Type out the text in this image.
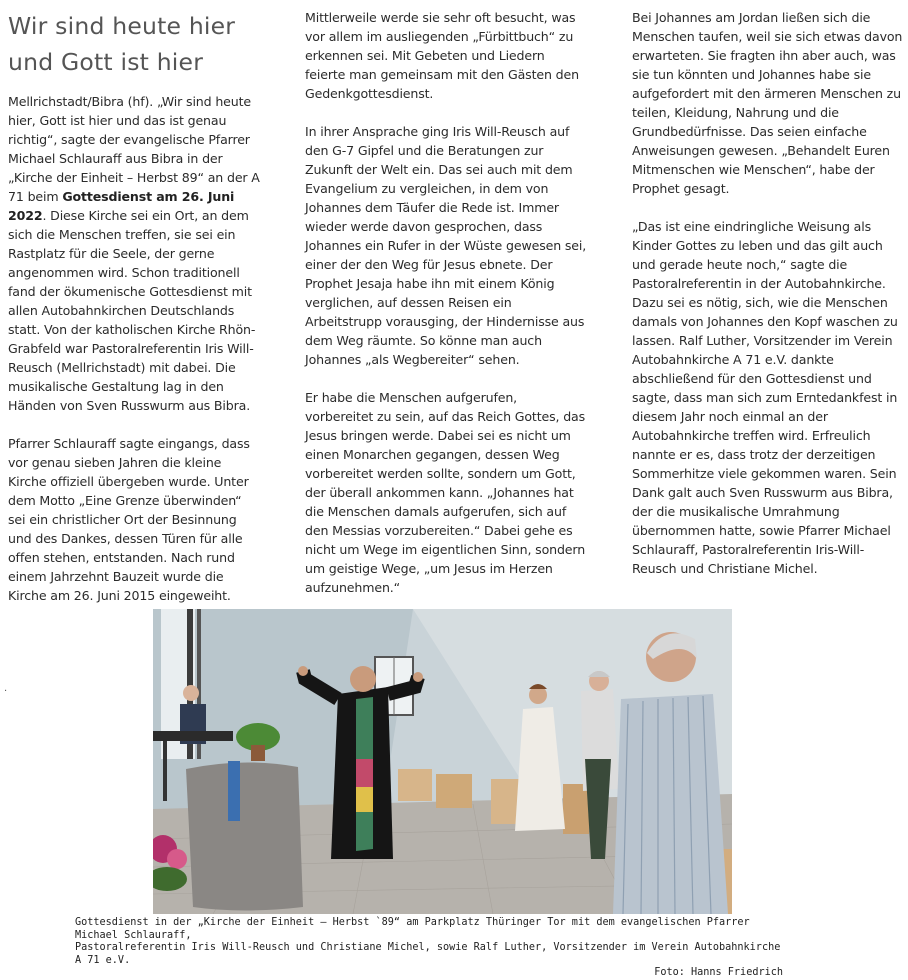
Wir sind heute hier
und Gott ist hier

Mellrichstadt/Bibra (hf). „Wir sind heute hier, Gott ist hier und das ist genau richtig“, sagte der evangelische Pfarrer Michael Schlauraff aus Bibra in der „Kirche der Einheit – Herbst 89“ an der A 71 beim Gottesdienst am 26. Juni 2022. Diese Kirche sei ein Ort, an dem sich die Menschen treffen, sie sei ein Rastplatz für die Seele, der gerne angenommen wird. Schon traditionell fand der ökumenische Gottesdienst mit allen Autobahnkirchen Deutschlands statt. Von der katholischen Kirche Rhön-Grabfeld war Pastoralreferentin Iris Will-Reusch (Mellrichstadt) mit dabei. Die musikalische Gestaltung lag in den Händen von Sven Russwurm aus Bibra.

Pfarrer Schlauraff sagte eingangs, dass vor genau sieben Jahren die kleine Kirche offiziell übergeben wurde. Unter dem Motto „Eine Grenze überwinden“ sei ein christlicher Ort der Besinnung und des Dankes, dessen Türen für alle offen stehen, entstanden. Nach rund einem Jahrzehnt Bauzeit wurde die Kirche am 26. Juni 2015 eingeweiht.

Mittlerweile werde sie sehr oft besucht, was vor allem im ausliegenden „Fürbittbuch“ zu erkennen sei. Mit Gebeten und Liedern feierte man gemeinsam mit den Gästen den Gedenkgottesdienst.

In ihrer Ansprache ging Iris Will-Reusch auf den G-7 Gipfel und die Beratungen zur Zukunft der Welt ein. Das sei auch mit dem Evangelium zu vergleichen, in dem von Johannes dem Täufer die Rede ist. Immer wieder werde davon gesprochen, dass Johannes ein Rufer in der Wüste gewesen sei, einer der den Weg für Jesus ebnete. Der Prophet Jesaja habe ihn mit einem König verglichen, auf dessen Reisen ein Arbeitstrupp vorausging, der Hindernisse aus dem Weg räumte. So könne man auch Johannes „als Wegbereiter“ sehen.

Er habe die Menschen aufgerufen, vorbereitet zu sein, auf das Reich Gottes, das Jesus bringen werde. Dabei sei es nicht um einen Monarchen gegangen, dessen Weg vorbereitet werden sollte, sondern um Gott, der überall ankommen kann. „Johannes hat die Menschen damals aufgerufen, sich auf den Messias vorzubereiten.“ Dabei gehe es nicht um Wege im eigentlichen Sinn, sondern um geistige Wege, „um Jesus im Herzen aufzunehmen.“

Bei Johannes am Jordan ließen sich die Menschen taufen, weil sie sich etwas davon erwarteten. Sie fragten ihn aber auch, was sie tun könnten und Johannes habe sie aufgefordert mit den ärmeren Menschen zu teilen, Kleidung, Nahrung und die Grundbedürfnisse. Das seien einfache Anweisungen gewesen. „Behandelt Euren Mitmenschen wie Menschen“, habe der Prophet gesagt.

„Das ist eine eindringliche Weisung als Kinder Gottes zu leben und das gilt auch und gerade heute noch,“ sagte die Pastoralreferentin in der Autobahnkirche. Dazu sei es nötig, sich, wie die Menschen damals von Johannes den Kopf waschen zu lassen. Ralf Luther, Vorsitzender im Verein Autobahnkirche A 71 e.V. dankte abschließend für den Gottesdienst und sagte, dass man sich zum Erntedankfest in diesem Jahr noch einmal an der Autobahnkirche treffen wird. Erfreulich nannte er es, dass trotz der derzeitigen Sommerhitze viele gekommen waren. Sein Dank galt auch Sven Russwurm aus Bibra, der die musikalische Umrahmung übernommen hatte, sowie Pfarrer Michael Schlauraff, Pastoralreferentin Iris-Will-Reusch und Christiane Michel.

.
Gottesdienst in der „Kirche der Einheit – Herbst `89“ am Parkplatz Thüringer Tor mit dem evangelischen Pfarrer Michael Schlauraff,
Pastoralreferentin Iris Will-Reusch und Christiane Michel, sowie Ralf Luther, Vorsitzender im Verein Autobahnkirche A 71 e.V.
Foto: Hanns Friedrich
